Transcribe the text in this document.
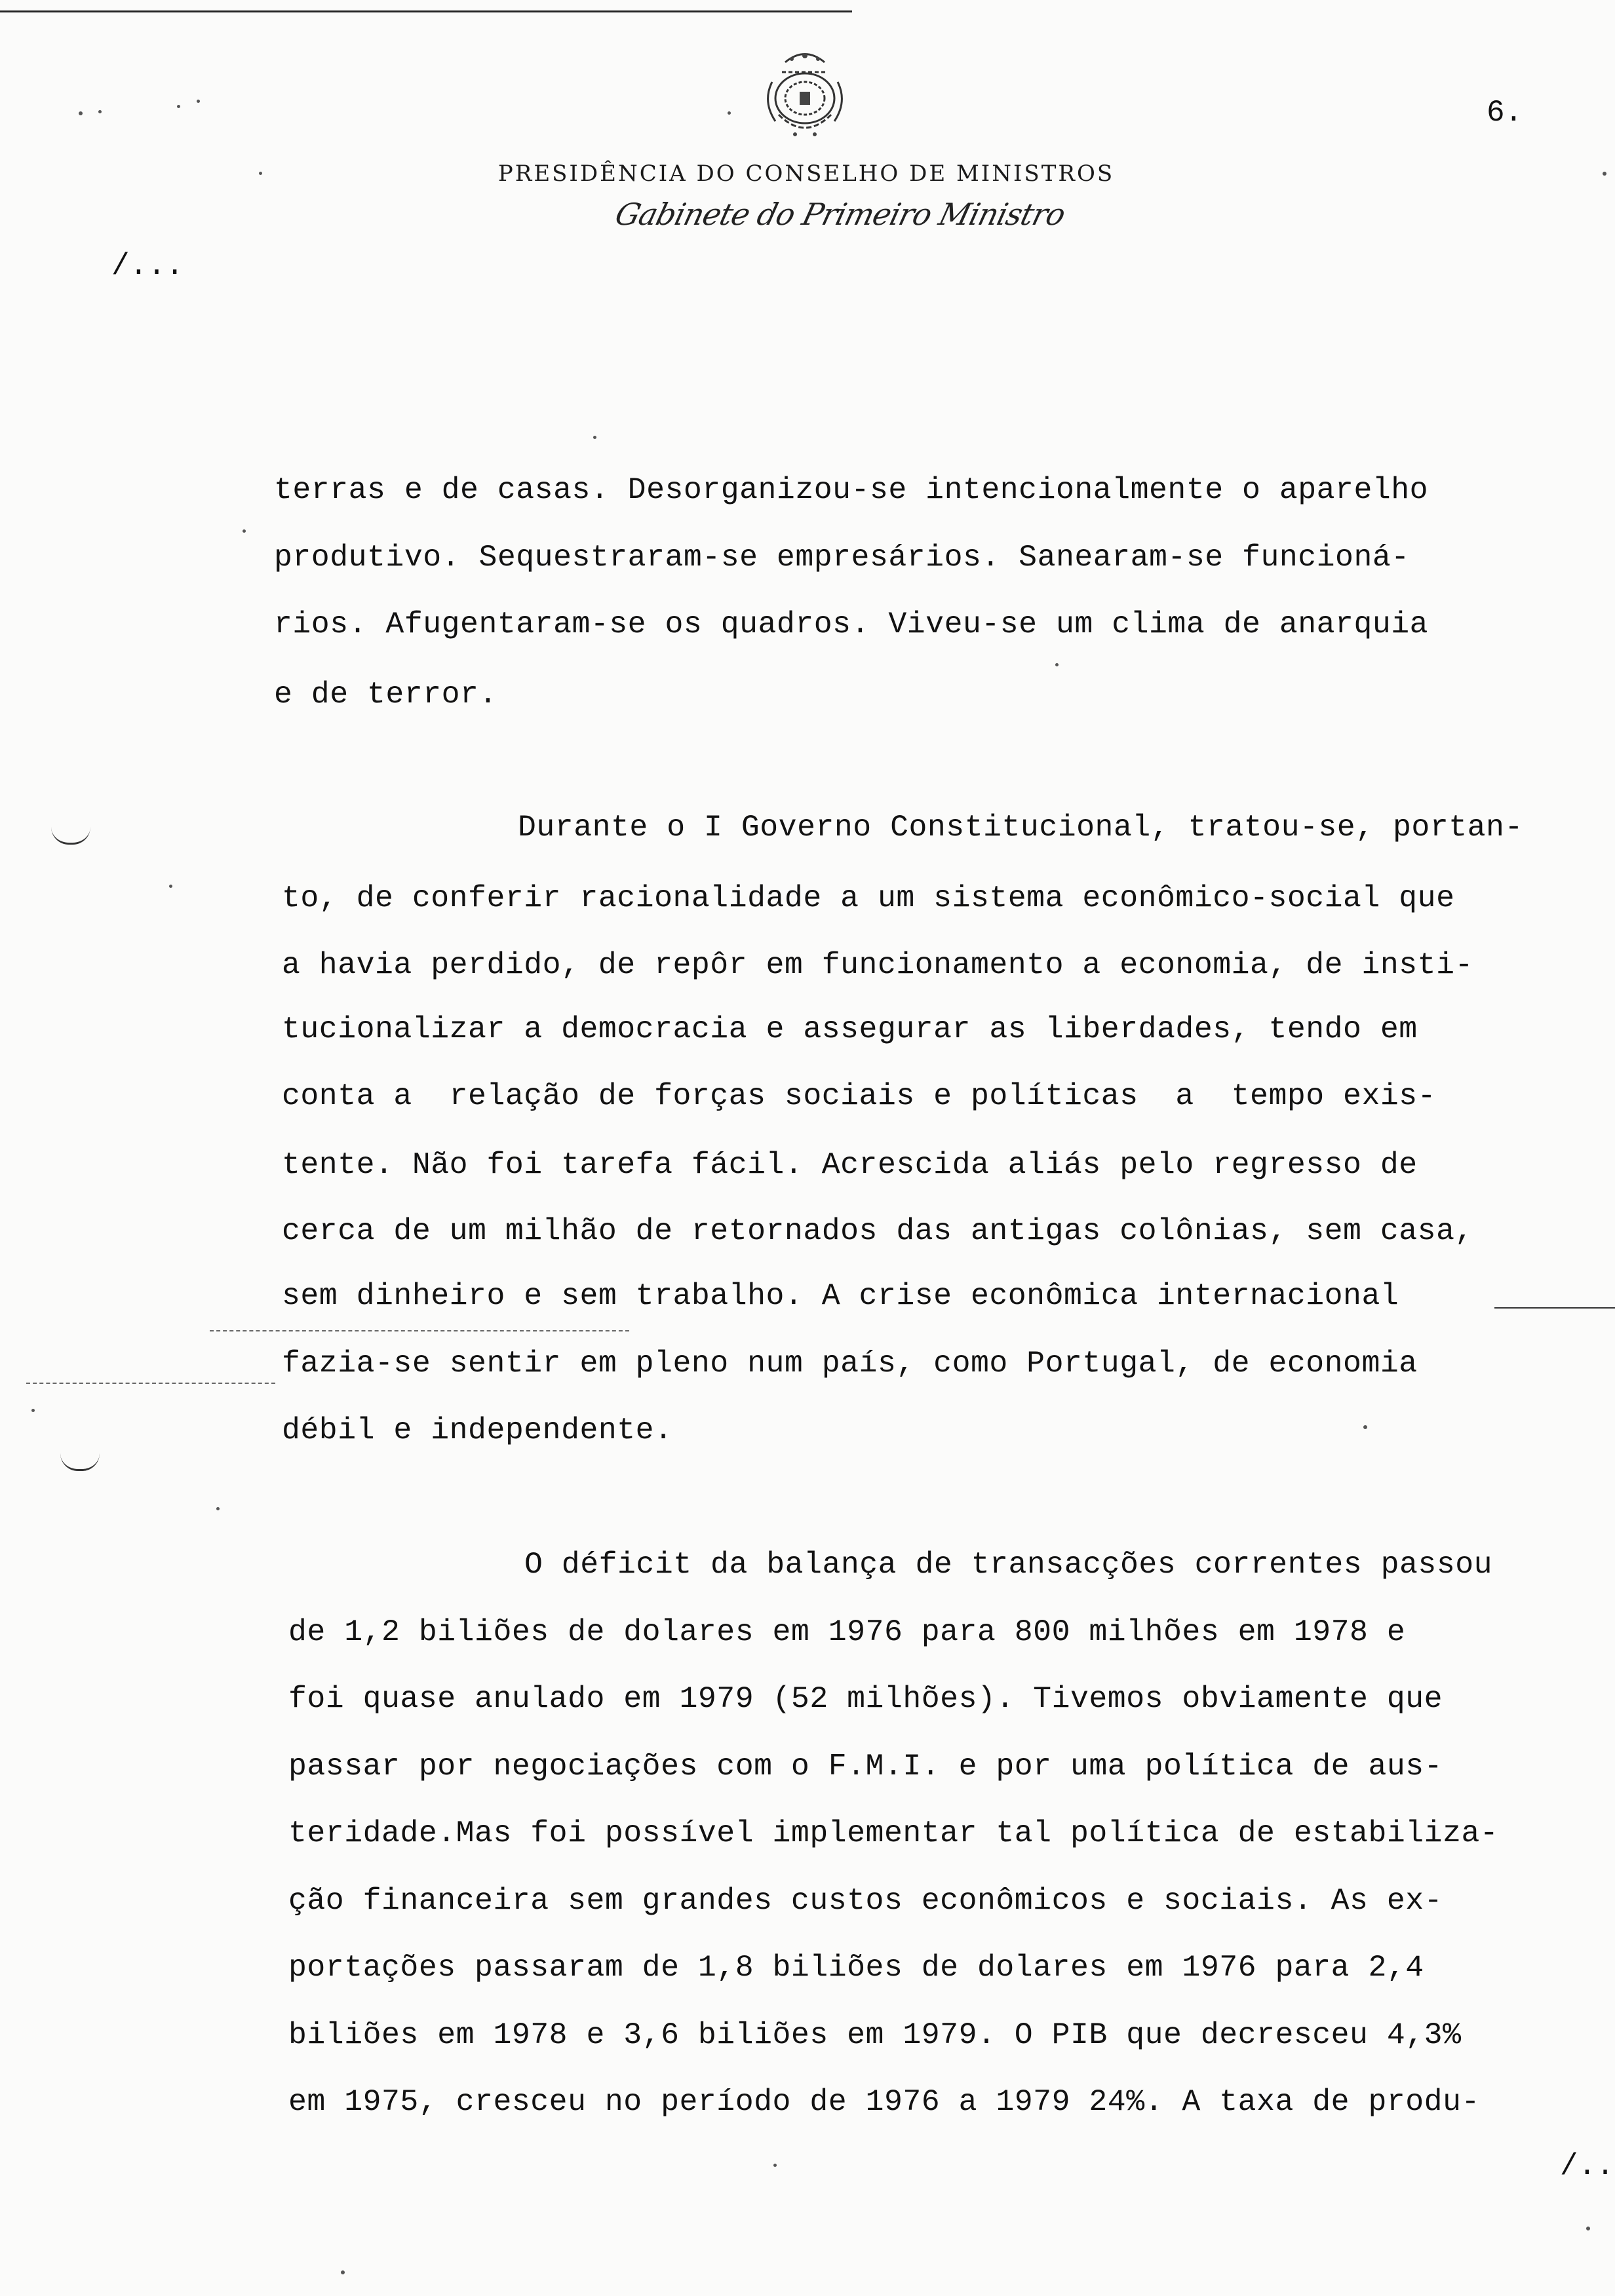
PRESIDÊNCIA DO CONSELHO DE MINISTROS
Gabinete do Primeiro Ministro
6.
/...
terras e de casas. Desorganizou-se intencionalmente o aparelho
produtivo. Sequestraram-se empresários. Sanearam-se funcioná-
rios. Afugentaram-se os quadros. Viveu-se um clima de anarquia
e de terror.
Durante o I Governo Constitucional, tratou-se, portan-
to, de conferir racionalidade a um sistema econômico-social que
a havia perdido, de repôr em funcionamento a economia, de insti-
tucionalizar a democracia e assegurar as liberdades, tendo em
conta a  relação de forças sociais e políticas  a  tempo exis-
tente. Não foi tarefa fácil. Acrescida aliás pelo regresso de
cerca de um milhão de retornados das antigas colônias, sem casa,
sem dinheiro e sem trabalho. A crise econômica internacional
fazia-se sentir em pleno num país, como Portugal, de economia
débil e independente.
O déficit da balança de transacções correntes passou
de 1,2 biliões de dolares em 1976 para 800 milhões em 1978 e
foi quase anulado em 1979 (52 milhões). Tivemos obviamente que
passar por negociações com o F.M.I. e por uma política de aus-
teridade.Mas foi possível implementar tal política de estabiliza-
ção financeira sem grandes custos econômicos e sociais. As ex-
portações passaram de 1,8 biliões de dolares em 1976 para 2,4
biliões em 1978 e 3,6 biliões em 1979. O PIB que decresceu 4,3%
em 1975, cresceu no período de 1976 a 1979 24%. A taxa de produ-
/..
